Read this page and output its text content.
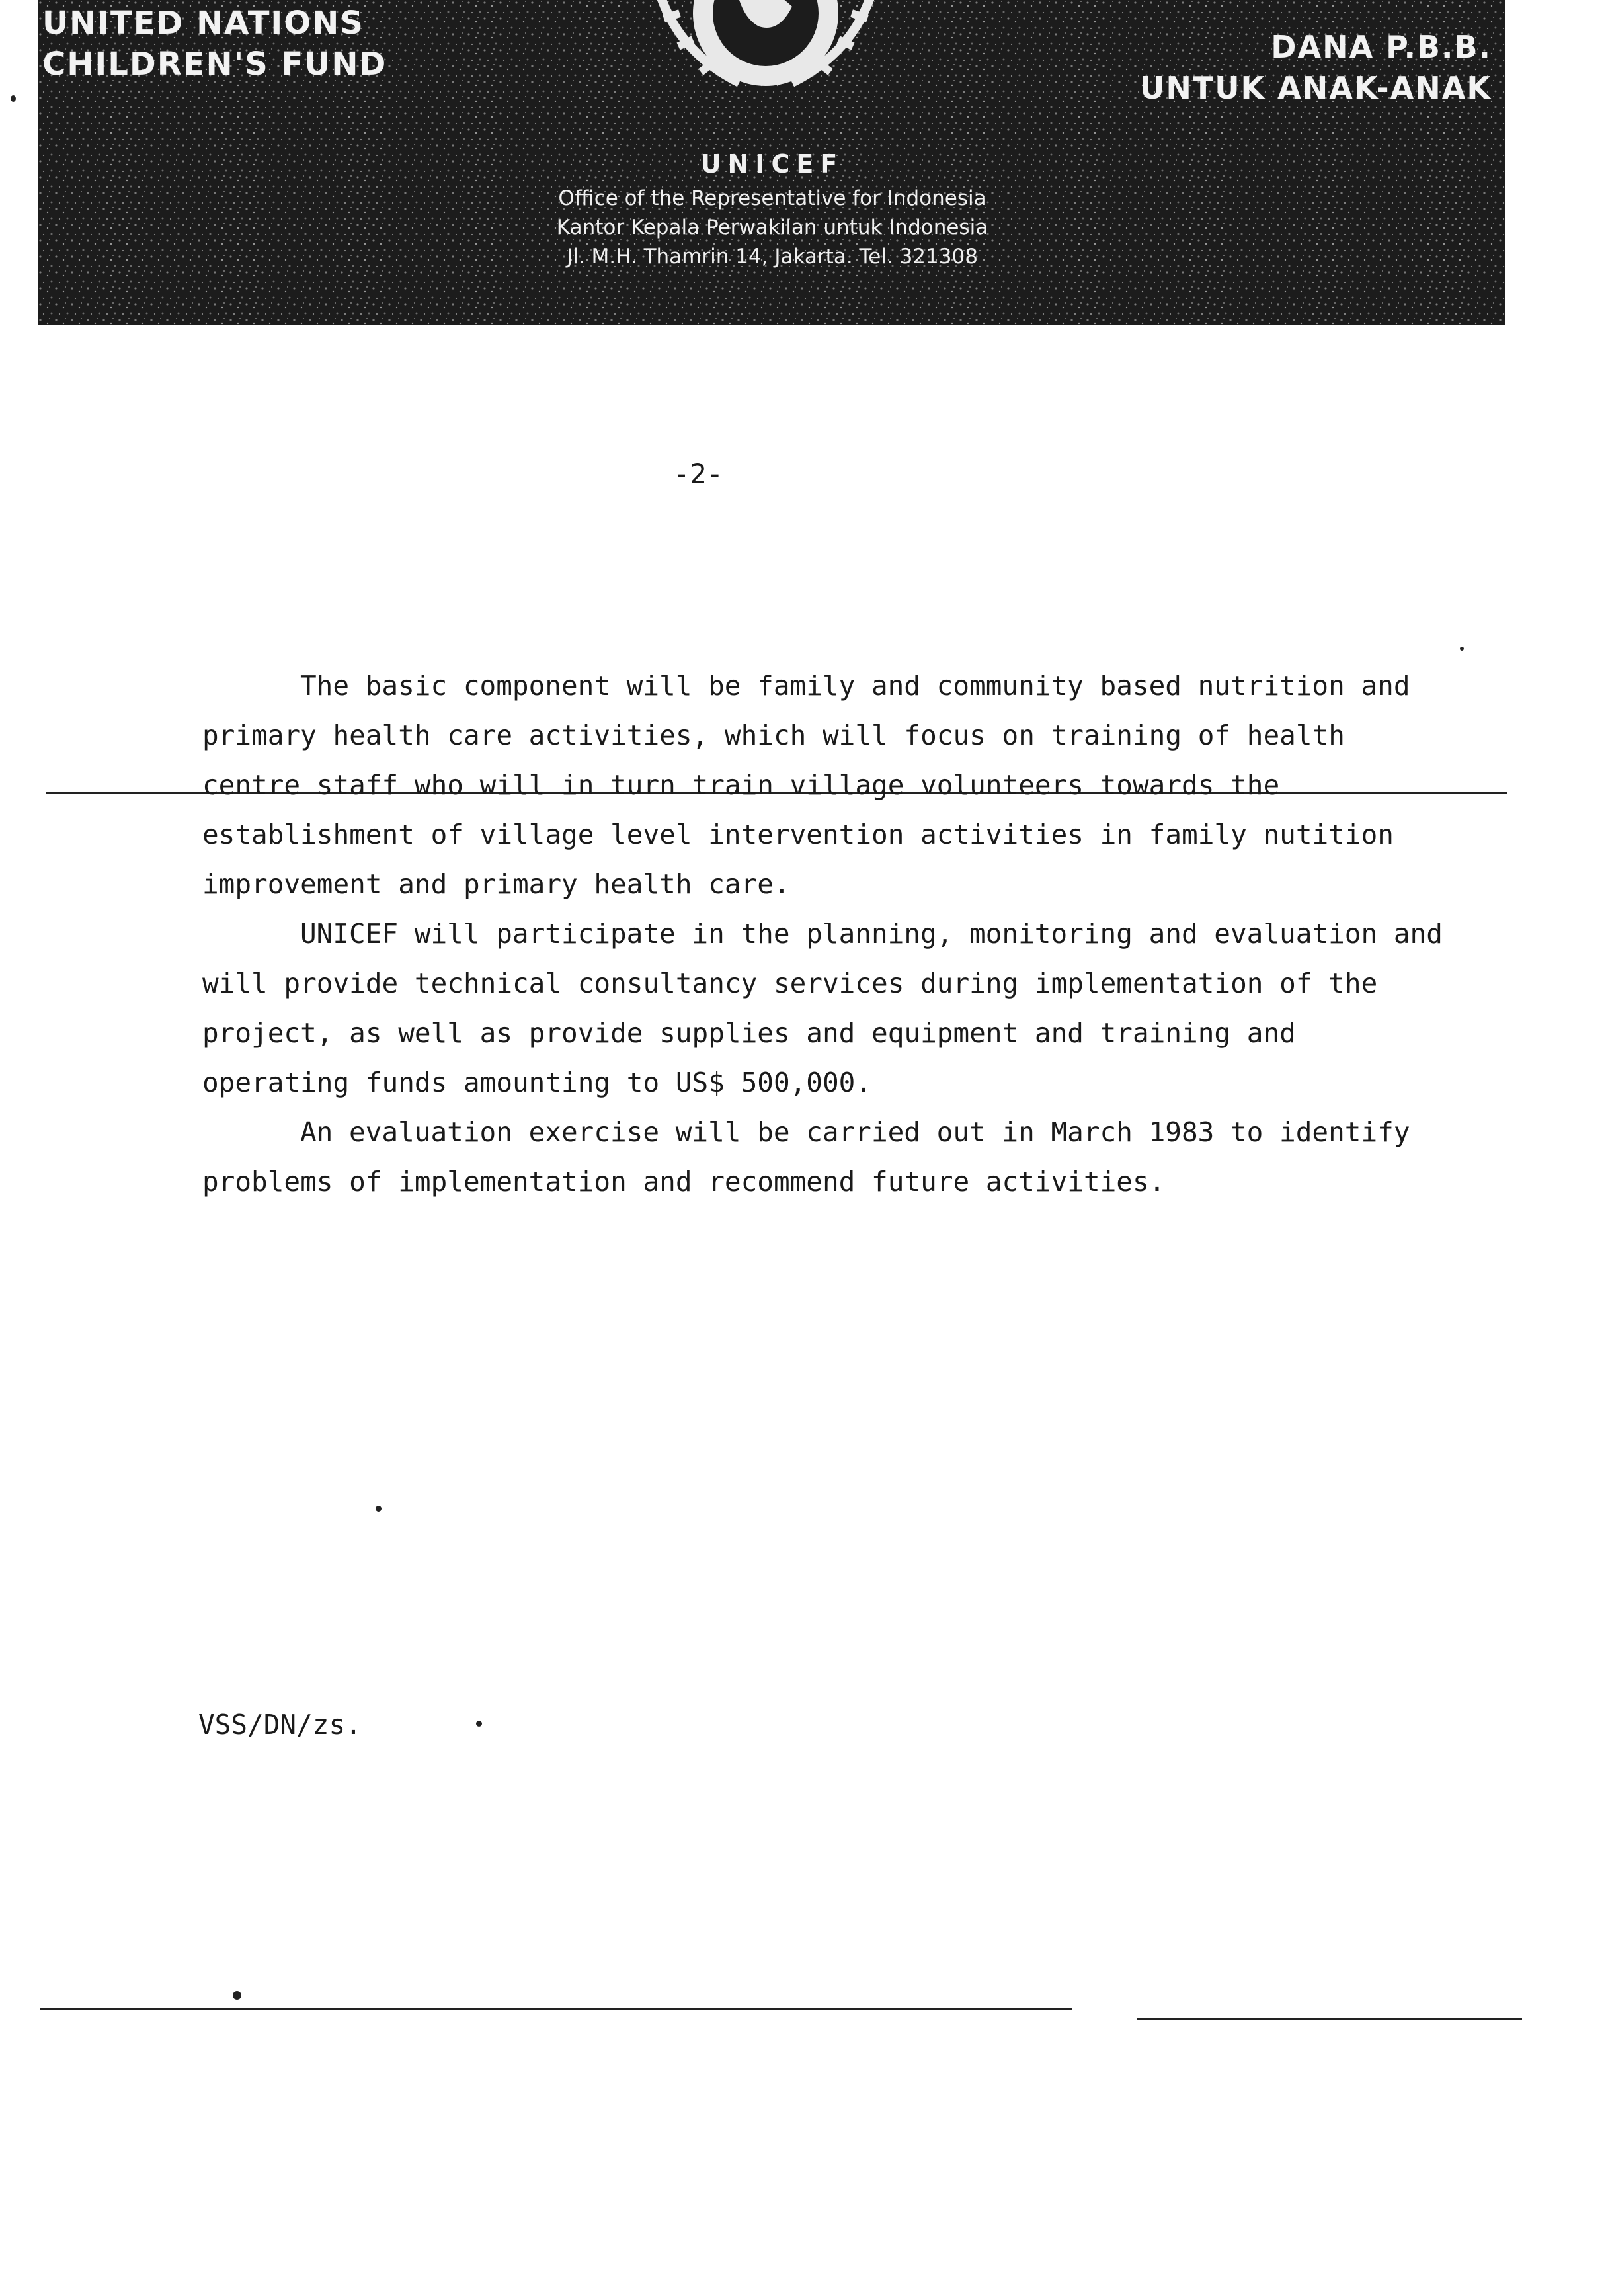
UNITED NATIONS
CHILDREN'S FUND	DANA P.B.B.
UNTUK ANAK-ANAK
UNICEF
Office of the Representative for Indonesia
Kantor Kepala Perwakilan untuk Indonesia
Jl. M.H. Thamrin 14, Jakarta. Tel. 321308
-2-

The basic component will be family and community based nutrition and primary health care activities, which will focus on training of health centre staff who will in turn train village volunteers towards the establishment of village level intervention activities in family nutition improvement and primary health care.

UNICEF will participate in the planning, monitoring and evaluation and will provide technical consultancy services during implementation of the project, as well as provide supplies and equipment and training and operating funds amounting to US$ 500,000.

An evaluation exercise will be carried out in March 1983 to identify problems of implementation and recommend future activities.

VSS/DN/zs.
